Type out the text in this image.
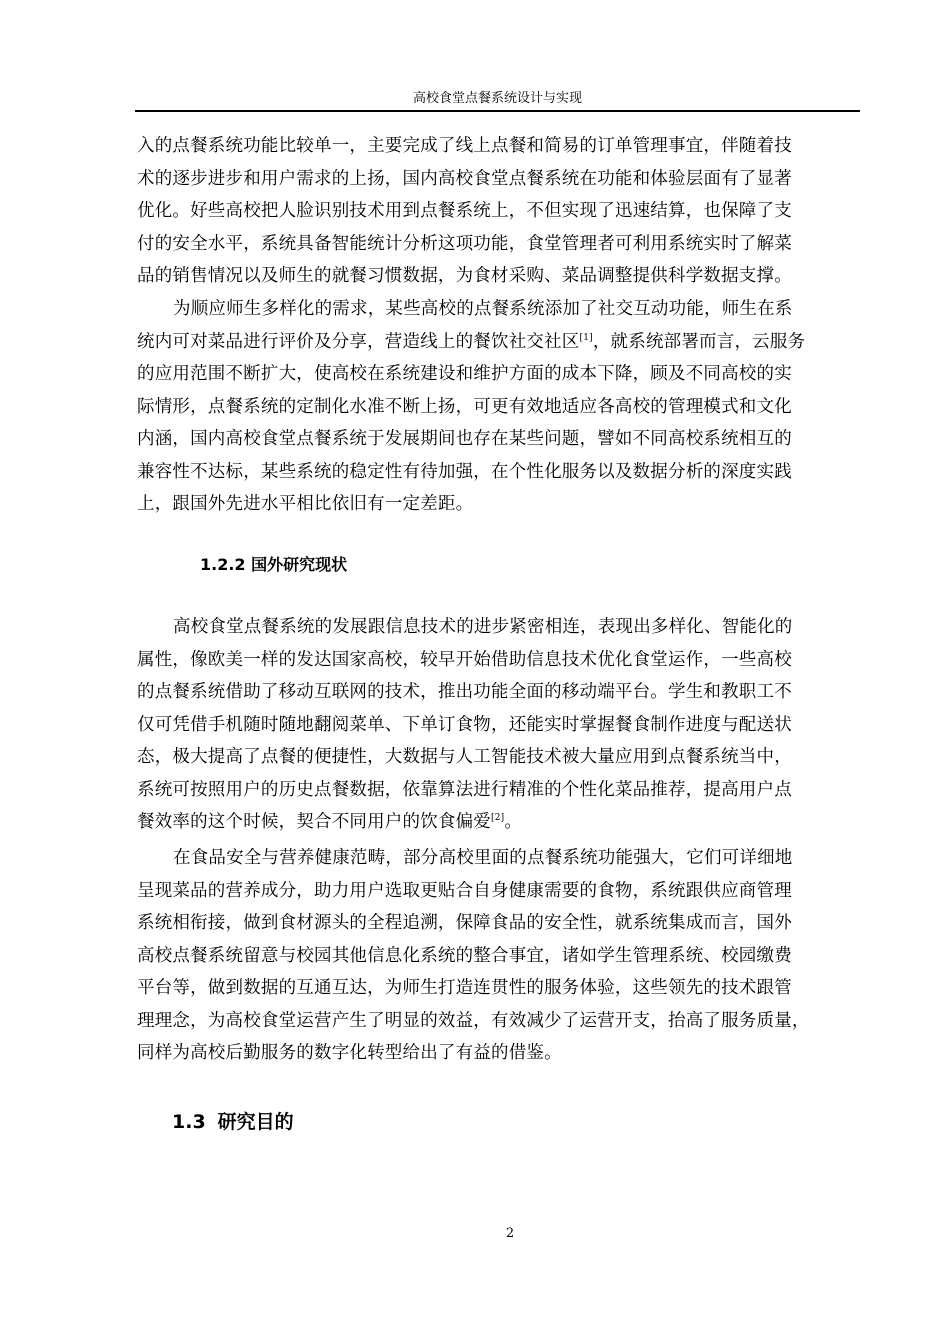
高校食堂点餐系统设计与实现

入的点餐系统功能比较单一，主要完成了线上点餐和简易的订单管理事宜，伴随着技
术的逐步进步和用户需求的上扬，国内高校食堂点餐系统在功能和体验层面有了显著
优化。好些高校把人脸识别技术用到点餐系统上，不但实现了迅速结算，也保障了支
付的安全水平，系统具备智能统计分析这项功能，食堂管理者可利用系统实时了解菜
品的销售情况以及师生的就餐习惯数据，为食材采购、菜品调整提供科学数据支撑。

为顺应师生多样化的需求，某些高校的点餐系统添加了社交互动功能，师生在系
统内可对菜品进行评价及分享，营造线上的餐饮社交社区[1]，就系统部署而言，云服务
的应用范围不断扩大，使高校在系统建设和维护方面的成本下降，顾及不同高校的实
际情形，点餐系统的定制化水准不断上扬，可更有效地适应各高校的管理模式和文化
内涵，国内高校食堂点餐系统于发展期间也存在某些问题，譬如不同高校系统相互的
兼容性不达标，某些系统的稳定性有待加强，在个性化服务以及数据分析的深度实践
上，跟国外先进水平相比依旧有一定差距。

1.2.2 国外研究现状

高校食堂点餐系统的发展跟信息技术的进步紧密相连，表现出多样化、智能化的
属性，像欧美一样的发达国家高校，较早开始借助信息技术优化食堂运作，一些高校
的点餐系统借助了移动互联网的技术，推出功能全面的移动端平台。学生和教职工不
仅可凭借手机随时随地翻阅菜单、下单订食物，还能实时掌握餐食制作进度与配送状
态，极大提高了点餐的便捷性，大数据与人工智能技术被大量应用到点餐系统当中，
系统可按照用户的历史点餐数据，依靠算法进行精准的个性化菜品推荐，提高用户点
餐效率的这个时候，契合不同用户的饮食偏爱[2]。

在食品安全与营养健康范畴，部分高校里面的点餐系统功能强大，它们可详细地
呈现菜品的营养成分，助力用户选取更贴合自身健康需要的食物，系统跟供应商管理
系统相衔接，做到食材源头的全程追溯，保障食品的安全性，就系统集成而言，国外
高校点餐系统留意与校园其他信息化系统的整合事宜，诸如学生管理系统、校园缴费
平台等，做到数据的互通互达，为师生打造连贯性的服务体验，这些领先的技术跟管
理理念，为高校食堂运营产生了明显的效益，有效减少了运营开支，抬高了服务质量，
同样为高校后勤服务的数字化转型给出了有益的借鉴。

1.3 研究目的
2
